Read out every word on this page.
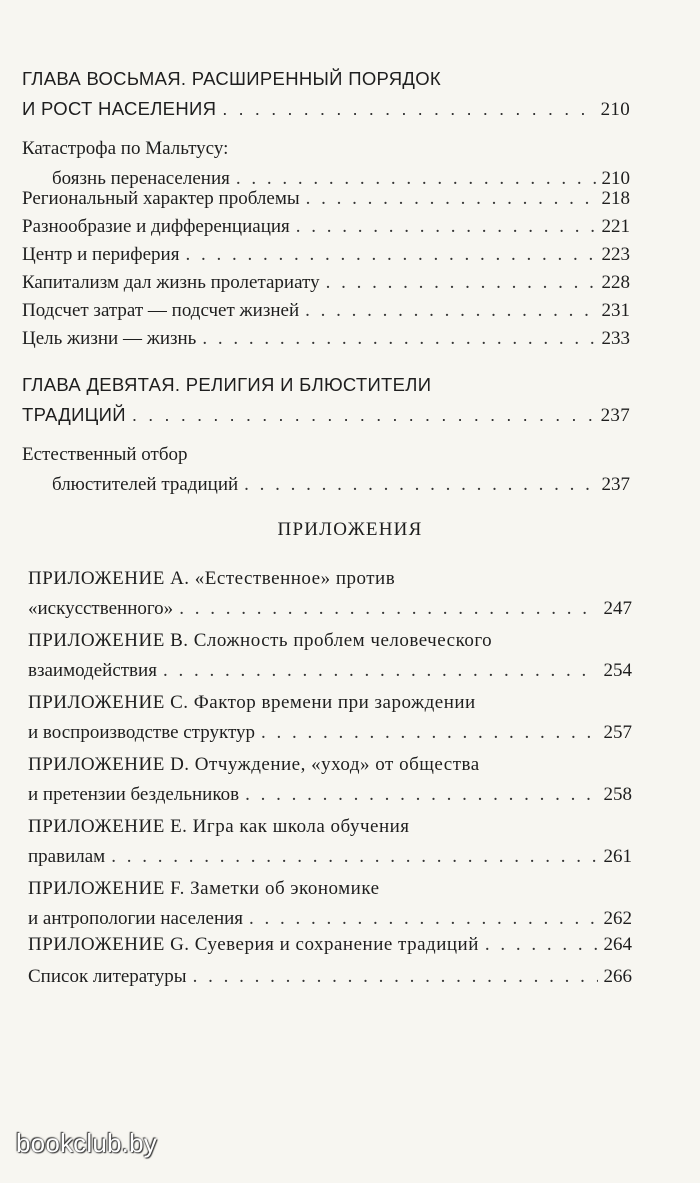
ГЛАВА ВОСЬМАЯ. РАСШИРЕННЫЙ ПОРЯДОК
И РОСТ НАСЕЛЕНИЯ . . .	210
Катастрофа по Мальтусу:
боязнь перенаселения . . .	210
Региональный характер проблемы . . .	218
Разнообразие и дифференциация . . .	221
Центр и периферия . . .	223
Капитализм дал жизнь пролетариату . . .	228
Подсчет затрат — подсчет жизней . . .	231
Цель жизни — жизнь . . .	233
ГЛАВА ДЕВЯТАЯ. РЕЛИГИЯ И БЛЮСТИТЕЛИ
ТРАДИЦИЙ . . .	237
Естественный отбор
блюстителей традиций . . .	237
ПРИЛОЖЕНИЯ
ПРИЛОЖЕНИЕ A. «Естественное» против
«искусственного» . . .	247
ПРИЛОЖЕНИЕ B. Сложность проблем человеческого
взаимодействия . . .	254
ПРИЛОЖЕНИЕ C. Фактор времени при зарождении
и воспроизводстве структур . . .	257
ПРИЛОЖЕНИЕ D. Отчуждение, «уход» от общества
и претензии бездельников . . .	258
ПРИЛОЖЕНИЕ E. Игра как школа обучения
правилам . . .	261
ПРИЛОЖЕНИЕ F. Заметки об экономике
и антропологии населения . . .	262
ПРИЛОЖЕНИЕ G. Суеверия и сохранение традиций . . .	264
Список литературы . . .	266
bookclub.by
